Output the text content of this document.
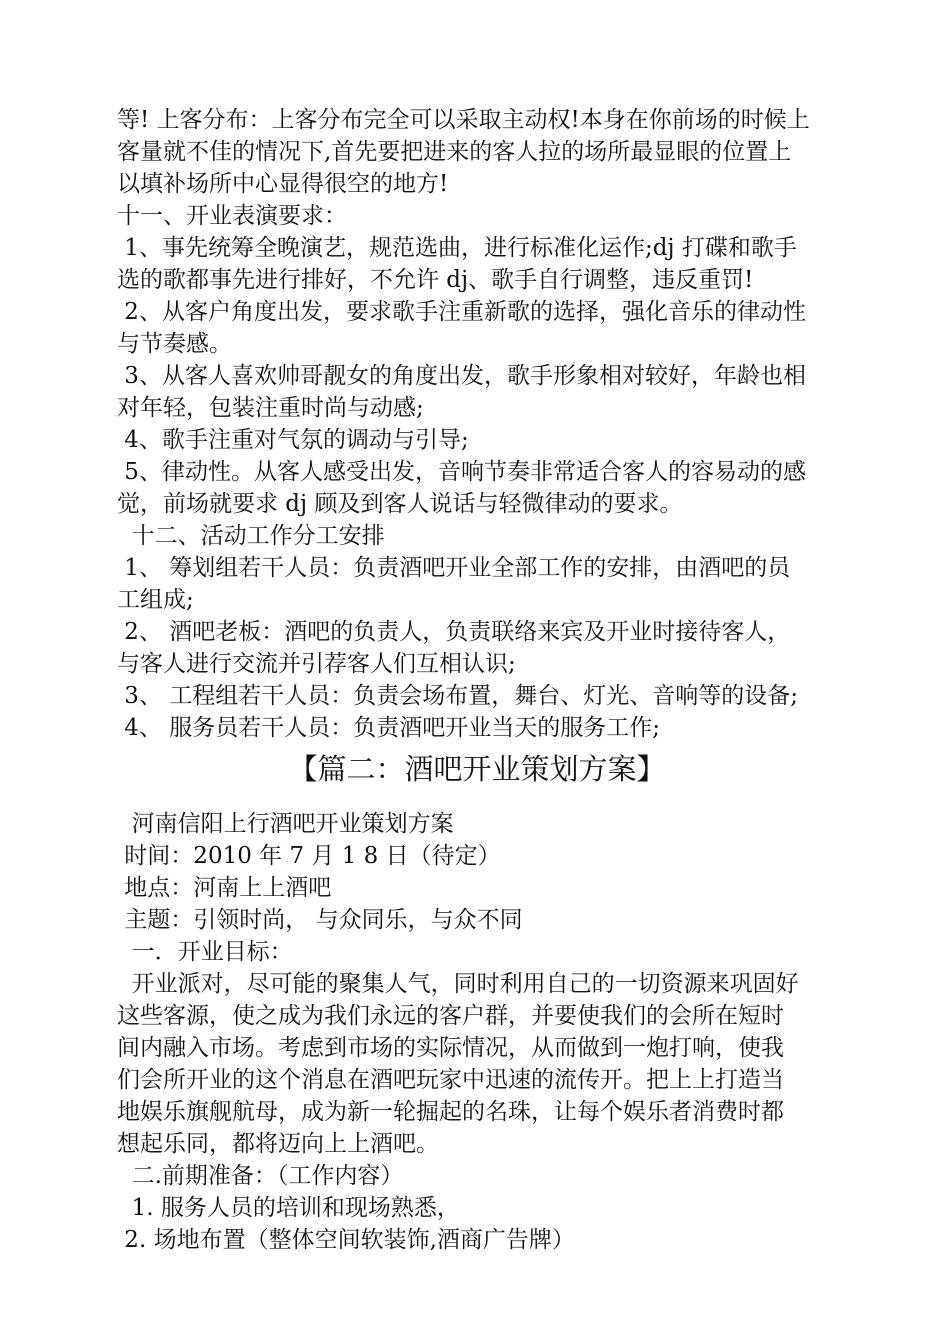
等! 上客分布：上客分布完全可以采取主动权!本身在你前场的时候上
客量就不佳的情况下,首先要把进来的客人拉的场所最显眼的位置上
以填补场所中心显得很空的地方!
十一、开业表演要求：
1、事先统筹全晚演艺，规范选曲，进行标准化运作;dj 打碟和歌手
选的歌都事先进行排好，不允许 dj、歌手自行调整，违反重罚!
2、从客户角度出发，要求歌手注重新歌的选择，强化音乐的律动性
与节奏感。
3、从客人喜欢帅哥靓女的角度出发，歌手形象相对较好，年龄也相
对年轻，包装注重时尚与动感;
4、歌手注重对气氛的调动与引导;
5、律动性。从客人感受出发，音响节奏非常适合客人的容易动的感
觉，前场就要求 dj 顾及到客人说话与轻微律动的要求。
十二、活动工作分工安排
1、 筹划组若干人员：负责酒吧开业全部工作的安排，由酒吧的员
工组成;
2、 酒吧老板：酒吧的负责人，负责联络来宾及开业时接待客人，
与客人进行交流并引荐客人们互相认识;
3、 工程组若干人员：负责会场布置，舞台、灯光、音响等的设备;
4、 服务员若干人员：负责酒吧开业当天的服务工作;
【篇二：酒吧开业策划方案】
河南信阳上行酒吧开业策划方案
时间：2010 年 7 月 1 8 日（待定）
地点：河南上上酒吧
主题：引领时尚， 与众同乐，与众不同
一．开业目标：
开业派对，尽可能的聚集人气，同时利用自己的一切资源来巩固好
这些客源，使之成为我们永远的客户群，并要使我们的会所在短时
间内融入市场。考虑到市场的实际情况，从而做到一炮打响，使我
们会所开业的这个消息在酒吧玩家中迅速的流传开。把上上打造当
地娱乐旗舰航母，成为新一轮掘起的名珠，让每个娱乐者消费时都
想起乐同，都将迈向上上酒吧。
二.前期准备：（工作内容）
1. 服务人员的培训和现场熟悉，
2. 场地布置（整体空间软装饰,酒商广告牌）
